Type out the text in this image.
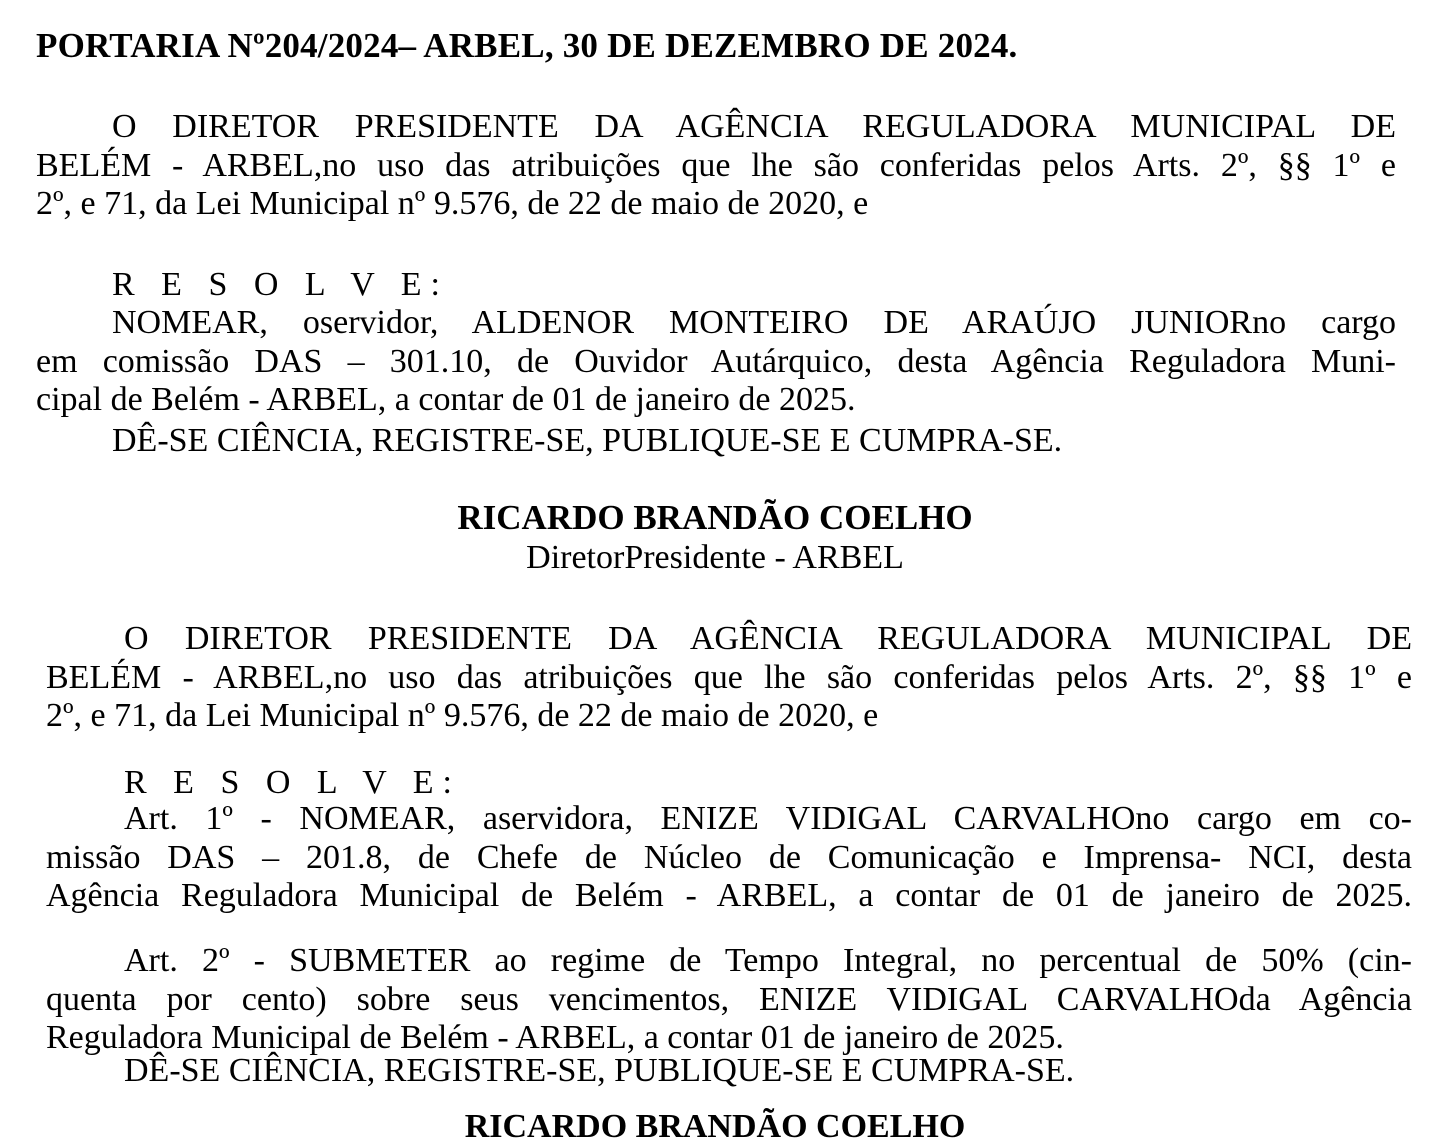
PORTARIA Nº204/2024– ARBEL, 30 DE DEZEMBRO DE 2024.
O DIRETOR PRESIDENTE DA AGÊNCIA REGULADORA MUNICIPAL DE
BELÉM - ARBEL,no uso das atribuições que lhe são conferidas pelos Arts. 2º, §§ 1º e
2º, e 71, da Lei Municipal nº 9.576, de 22 de maio de 2020, e
R E S O L V E:
NOMEAR, oservidor, ALDENOR MONTEIRO DE ARAÚJO JUNIORno cargo
em comissão DAS – 301.10, de Ouvidor Autárquico, desta Agência Reguladora Muni-
cipal de Belém - ARBEL, a contar de 01 de janeiro de 2025.
DÊ-SE CIÊNCIA, REGISTRE-SE, PUBLIQUE-SE E CUMPRA-SE.
RICARDO BRANDÃO COELHO
DiretorPresidente - ARBEL
O DIRETOR PRESIDENTE DA AGÊNCIA REGULADORA MUNICIPAL DE
BELÉM - ARBEL,no uso das atribuições que lhe são conferidas pelos Arts. 2º, §§ 1º e
2º, e 71, da Lei Municipal nº 9.576, de 22 de maio de 2020, e
R E S O L V E:
Art. 1º - NOMEAR, aservidora, ENIZE VIDIGAL CARVALHOno cargo em co-
missão DAS – 201.8, de Chefe de Núcleo de Comunicação e Imprensa- NCI, desta
Agência Reguladora Municipal de Belém - ARBEL, a contar de 01 de janeiro de 2025.
Art. 2º - SUBMETER ao regime de Tempo Integral, no percentual de 50% (cin-
quenta por cento) sobre seus vencimentos, ENIZE VIDIGAL CARVALHOda Agência
Reguladora Municipal de Belém - ARBEL, a contar 01 de janeiro de 2025.
DÊ-SE CIÊNCIA, REGISTRE-SE, PUBLIQUE-SE E CUMPRA-SE.
RICARDO BRANDÃO COELHO
